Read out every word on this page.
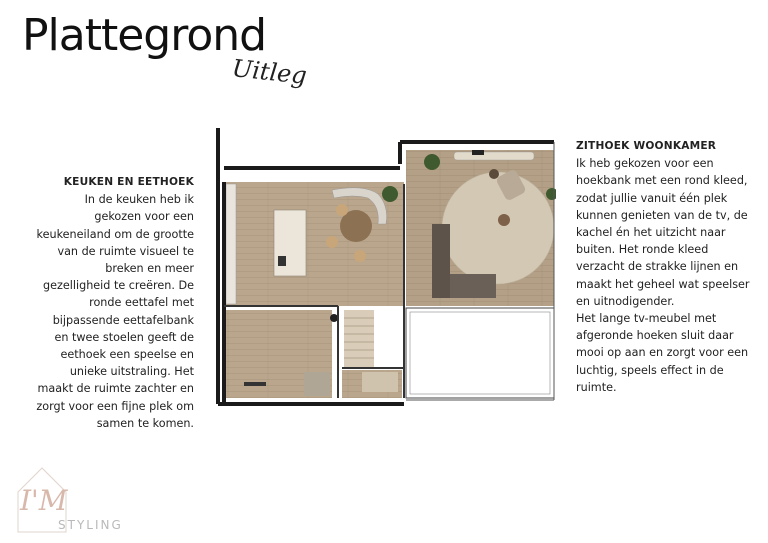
Plattegrond
Uitleg
KEUKEN EN EETHOEK
In de keuken heb ik gekozen voor een keukeneiland om de grootte van de ruimte visueel te breken en meer gezelligheid te creëren. De ronde eettafel met bijpassende eettafelbank en twee stoelen geeft de eethoek een speelse en unieke uitstraling. Het maakt de ruimte zachter en zorgt voor een fijne plek om samen te komen.
ZITHOEK WOONKAMER
Ik heb gekozen voor een hoekbank met een rond kleed, zodat jullie vanuit één plek kunnen genieten van de tv, de kachel én het uitzicht naar buiten. Het ronde kleed verzacht de strakke lijnen en maakt het geheel wat speelser en uitnodigender.
Het lange tv-meubel met afgeronde hoeken sluit daar mooi op aan en zorgt voor een luchtig, speels effect in de ruimte.
I'M
STYLING
